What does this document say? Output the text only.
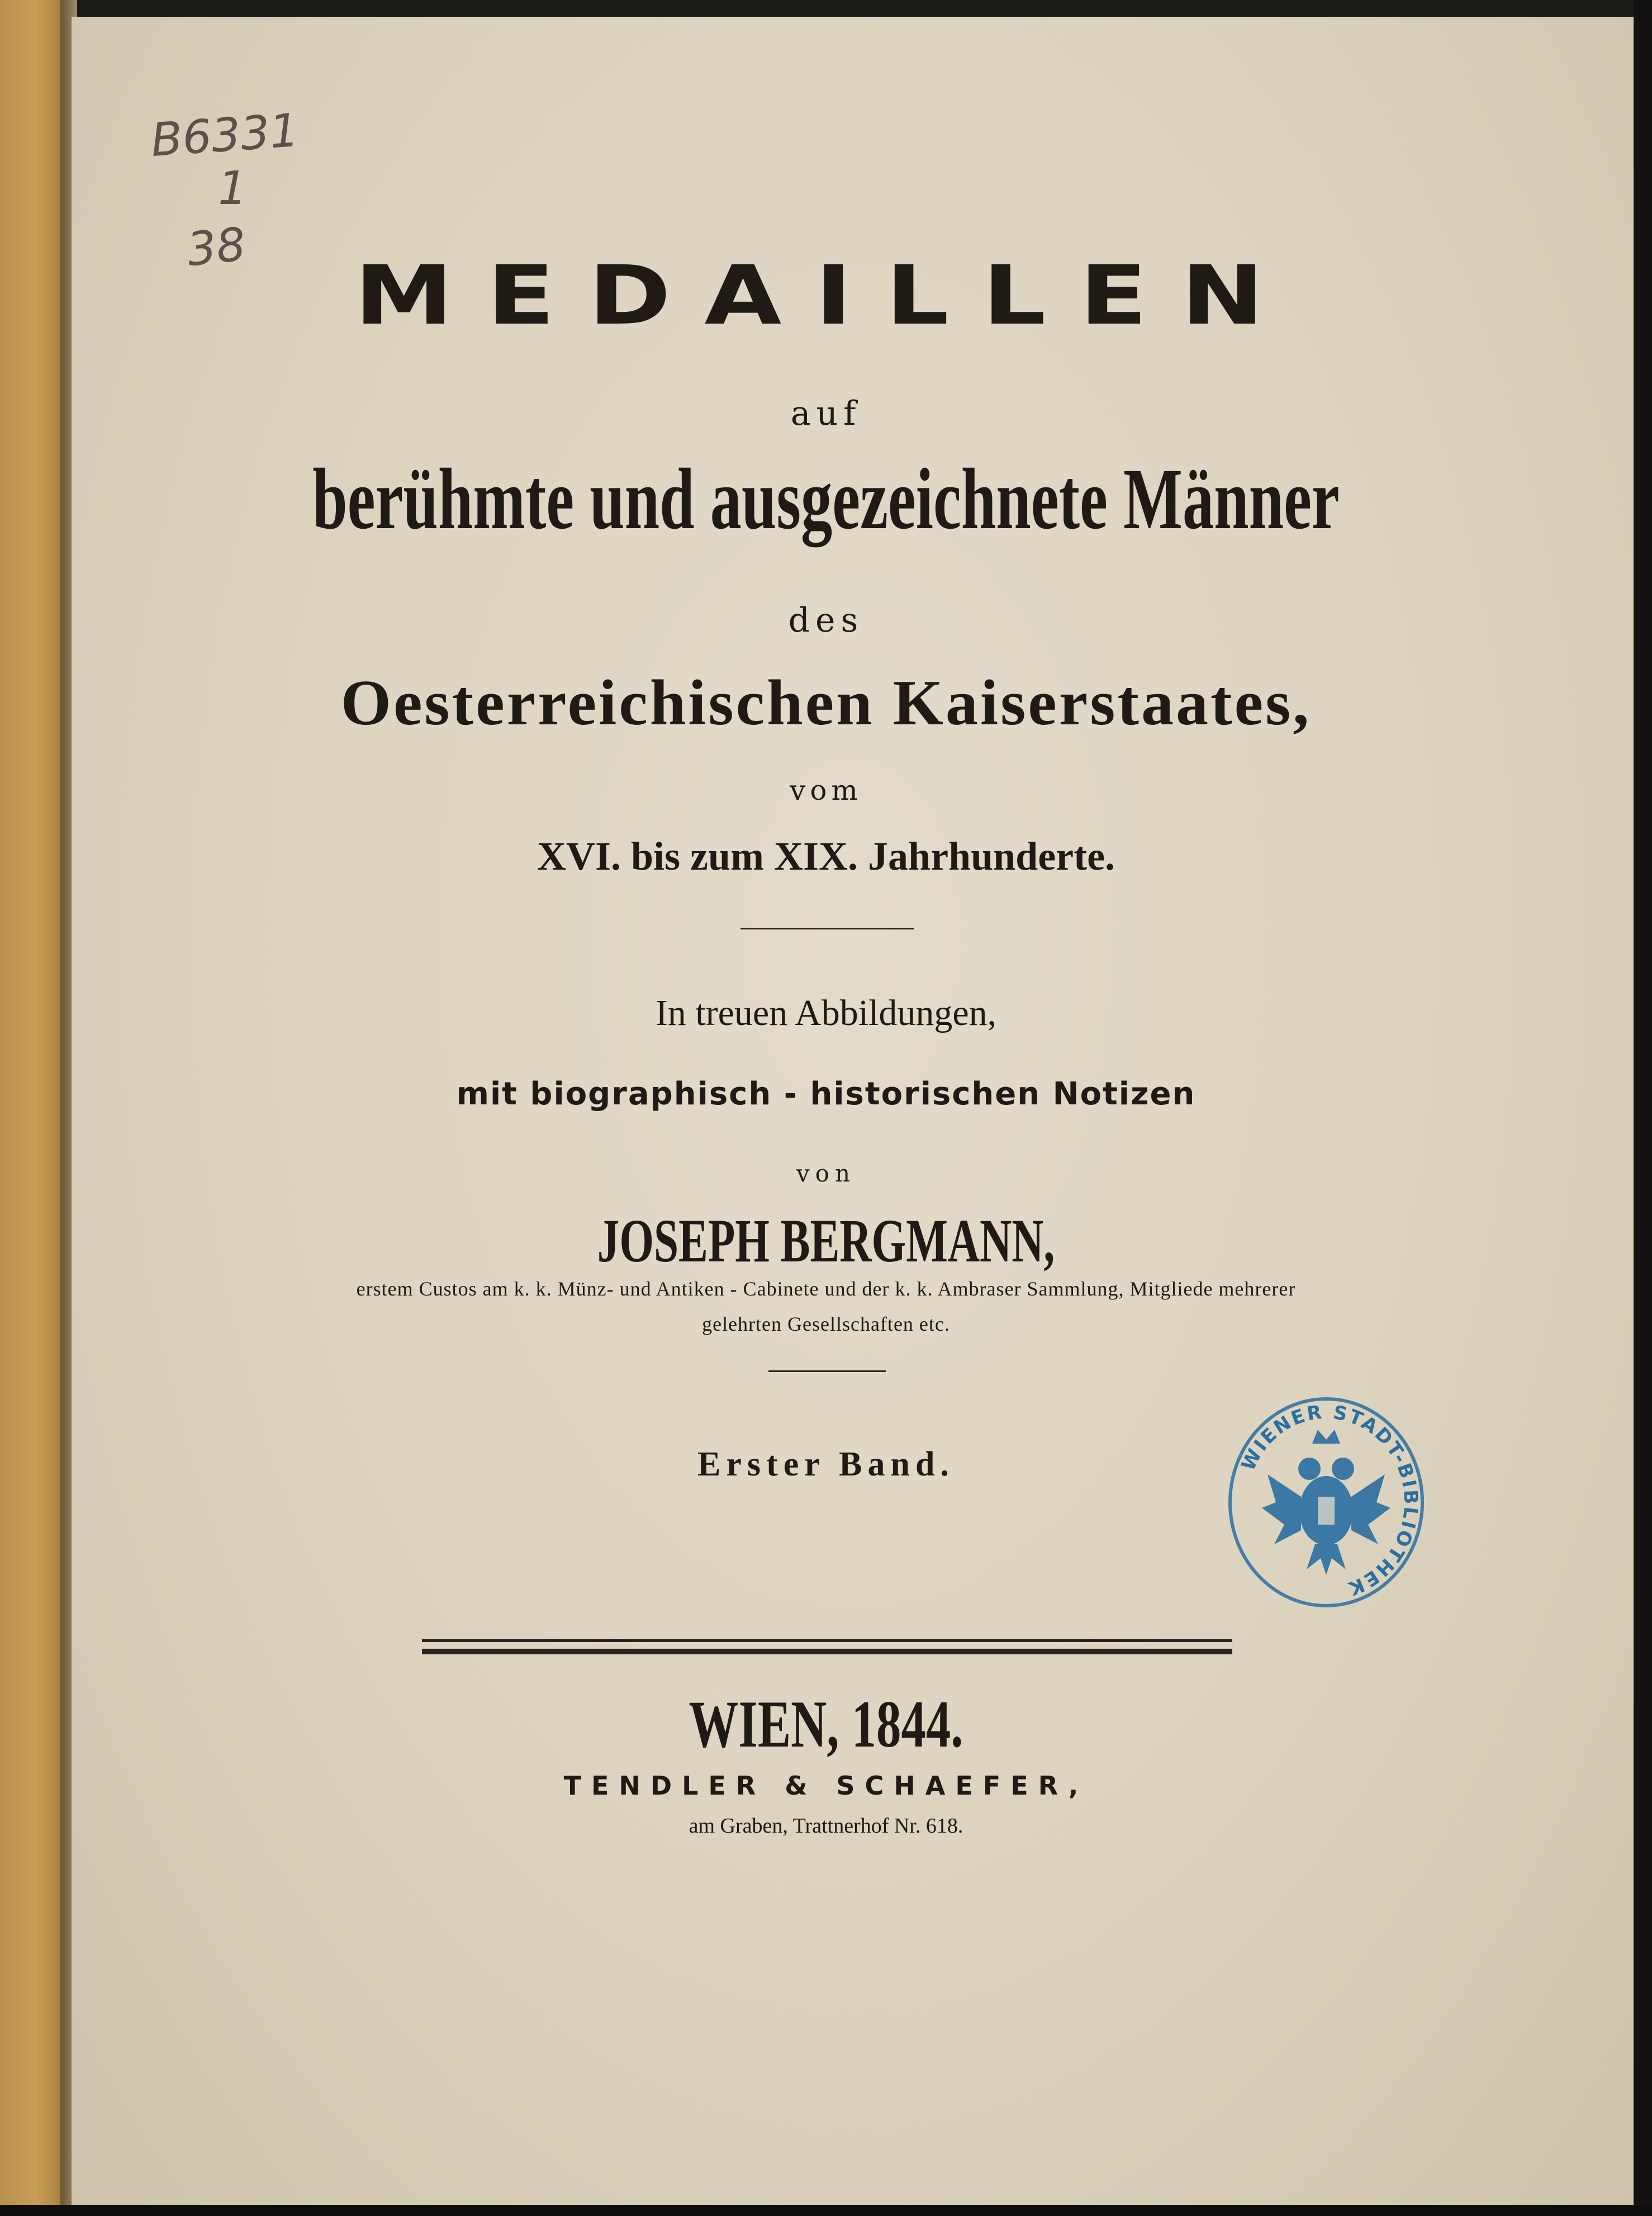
B6331
1
38
MEDAILLEN
auf
berühmte und ausgezeichnete Männer
des
Oesterreichischen Kaiserstaates,
vom
XVI. bis zum XIX. Jahrhunderte.
In treuen Abbildungen,
mit biographisch - historischen Notizen
von
JOSEPH BERGMANN,
erstem Custos am k. k. Münz- und Antiken - Cabinete und der k. k. Ambraser Sammlung, Mitgliede mehrerer
gelehrten Gesellschaften etc.
Erster Band.
WIEN, 1844.
TENDLER & SCHAEFER,
am Graben, Trattnerhof Nr. 618.
WIENER STADT-BIBLIOTHEK
